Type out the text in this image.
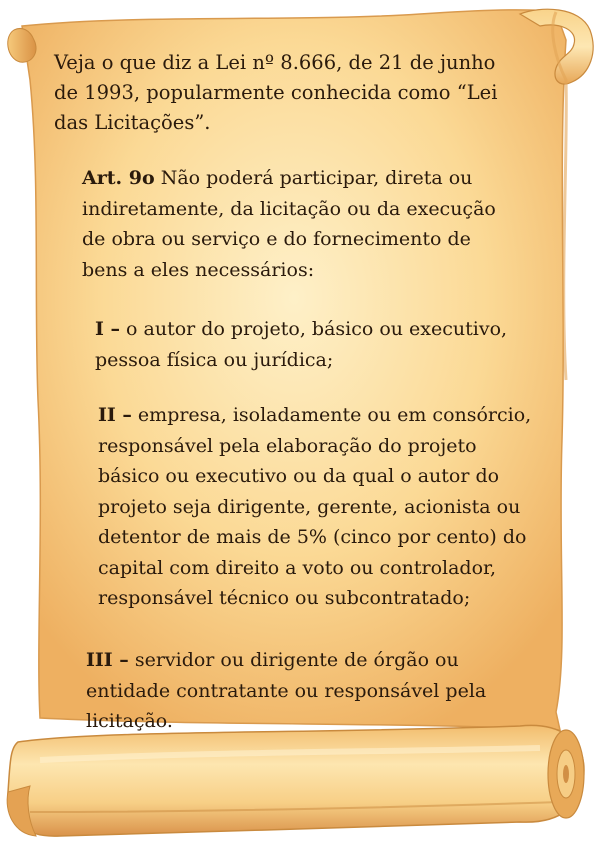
Veja o que diz a Lei nº 8.666, de 21 de junho de 1993, popularmente conhecida como “Lei das Licitações”.
Art. 9o Não poderá participar, direta ou indiretamente, da licitação ou da execução de obra ou serviço e do fornecimento de bens a eles necessários:
I – o autor do projeto, básico ou executivo, pessoa física ou jurídica;
II – empresa, isoladamente ou em consórcio, responsável pela elaboração do projeto básico ou executivo ou da qual o autor do projeto seja dirigente, gerente, acionista ou detentor de mais de 5% (cinco por cento) do capital com direito a voto ou controlador, responsável técnico ou subcontratado;
III – servidor ou dirigente de órgão ou entidade contratante ou responsável pela licitação.
